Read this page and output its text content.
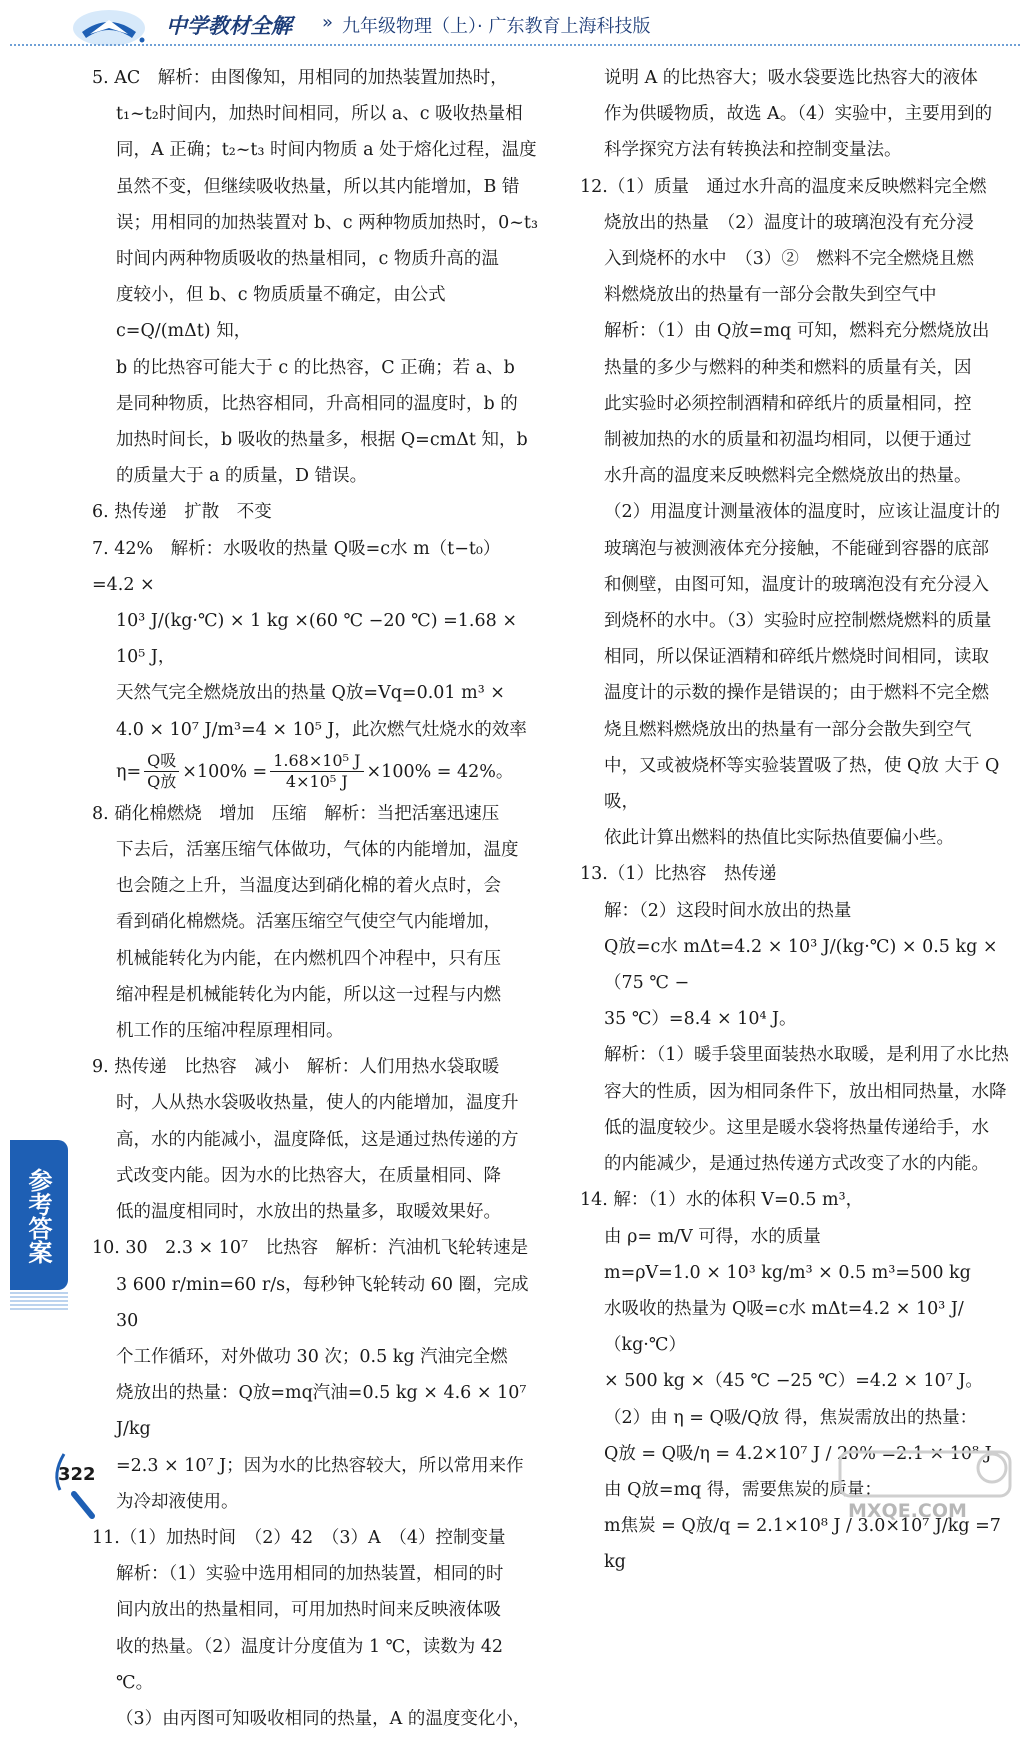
中学教材全解 » 九年级物理（上）· 广东教育上海科技版

5. AC　解析：由图像知，用相同的加热装置加热时，

t₁~t₂时间内，加热时间相同，所以 a、c 吸收热量相

同，A 正确；t₂~t₃ 时间内物质 a 处于熔化过程，温度

虽然不变，但继续吸收热量，所以其内能增加，B 错

误；用相同的加热装置对 b、c 两种物质加热时，0~t₃

时间内两种物质吸收的热量相同，c 物质升高的温

度较小，但 b、c 物质质量不确定，由公式 c=Q/(mΔt) 知，

b 的比热容可能大于 c 的比热容，C 正确；若 a、b

是同种物质，比热容相同，升高相同的温度时，b 的

加热时间长，b 吸收的热量多，根据 Q=cmΔt 知，b

的质量大于 a 的质量，D 错误。

6. 热传递　扩散　不变

7. 42%　解析：水吸收的热量 Q吸=c水 m（t−t₀）=4.2 ×

10³ J/(kg·℃) × 1 kg ×(60 ℃ −20 ℃) =1.68 × 10⁵ J，

天然气完全燃烧放出的热量 Q放=Vq=0.01 m³ ×

4.0 × 10⁷ J/m³=4 × 10⁵ J，此次燃气灶烧水的效率

$\eta= \frac{\text{Q吸}}{\text{Q放}} \times 100\% = \frac{\text{1.68×10⁵ J}}{\text{4×10⁵ J}} \times 100\% = 42\%$。

8. 硝化棉燃烧　增加　压缩　解析：当把活塞迅速压

下去后，活塞压缩气体做功，气体的内能增加，温度

也会随之上升，当温度达到硝化棉的着火点时，会

看到硝化棉燃烧。活塞压缩空气使空气内能增加，

机械能转化为内能，在内燃机四个冲程中，只有压

缩冲程是机械能转化为内能，所以这一过程与内燃

机工作的压缩冲程原理相同。

9. 热传递　比热容　减小　解析：人们用热水袋取暖

时，人从热水袋吸收热量，使人的内能增加，温度升

高，水的内能减小，温度降低，这是通过热传递的方

式改变内能。因为水的比热容大，在质量相同、降

低的温度相同时，水放出的热量多，取暖效果好。

10. 30　2.3 × 10⁷　比热容　解析：汽油机飞轮转速是

3 600 r/min=60 r/s，每秒钟飞轮转动 60 圈，完成 30

个工作循环，对外做功 30 次；0.5 kg 汽油完全燃

烧放出的热量：Q放=mq汽油=0.5 kg × 4.6 × 10⁷ J/kg

=2.3 × 10⁷ J；因为水的比热容较大，所以常用来作

为冷却液使用。

11.（1）加热时间　（2）42　（3）A　（4）控制变量

解析：（1）实验中选用相同的加热装置，相同的时

间内放出的热量相同，可用加热时间来反映液体吸

收的热量。（2）温度计分度值为 1 ℃，读数为 42 ℃。

（3）由丙图可知吸收相同的热量，A 的温度变化小，

说明 A 的比热容大；吸水袋要选比热容大的液体

作为供暖物质，故选 A。（4）实验中，主要用到的

科学探究方法有转换法和控制变量法。

12.（1）质量　通过水升高的温度来反映燃料完全燃

烧放出的热量　（2）温度计的玻璃泡没有充分浸

入到烧杯的水中　（3）②　燃料不完全燃烧且燃

料燃烧放出的热量有一部分会散失到空气中

解析：（1）由 Q放=mq 可知，燃料充分燃烧放出

热量的多少与燃料的种类和燃料的质量有关，因

此实验时必须控制酒精和碎纸片的质量相同，控

制被加热的水的质量和初温均相同，以便于通过

水升高的温度来反映燃料完全燃烧放出的热量。

（2）用温度计测量液体的温度时，应该让温度计的

玻璃泡与被测液体充分接触，不能碰到容器的底部

和侧壁，由图可知，温度计的玻璃泡没有充分浸入

到烧杯的水中。（3）实验时应控制燃烧燃料的质量

相同，所以保证酒精和碎纸片燃烧时间相同，读取

温度计的示数的操作是错误的；由于燃料不完全燃

烧且燃料燃烧放出的热量有一部分会散失到空气

中，又或被烧杯等实验装置吸了热，使 Q放 大于 Q吸，

依此计算出燃料的热值比实际热值要偏小些。

13.（1）比热容　热传递

解：（2）这段时间水放出的热量

Q放=c水 mΔt=4.2 × 10³ J/(kg·℃) × 0.5 kg ×（75 ℃ −

35 ℃）=8.4 × 10⁴ J。

解析：（1）暖手袋里面装热水取暖，是利用了水比热

容大的性质，因为相同条件下，放出相同热量，水降

低的温度较少。这里是暖水袋将热量传递给手，水

的内能减少，是通过热传递方式改变了水的内能。

14. 解：（1）水的体积 V=0.5 m³，

由 ρ= m/V 可得，水的质量

m=ρV=1.0 × 10³ kg/m³ × 0.5 m³=500 kg

水吸收的热量为 Q吸=c水 mΔt=4.2 × 10³ J/（kg·℃）

× 500 kg ×（45 ℃ −25 ℃）=4.2 × 10⁷ J。

（2）由 η = Q吸/Q放 得，焦炭需放出的热量：

Q放 = Q吸/η = 4.2×10⁷ J / 20% =2.1 × 10⁸ J

由 Q放=mq 得，需要焦炭的质量：

m焦炭 = Q放/q = 2.1×10⁸ J / 3.0×10⁷ J/kg =7 kg

参考答案
322
MXQE.COM
